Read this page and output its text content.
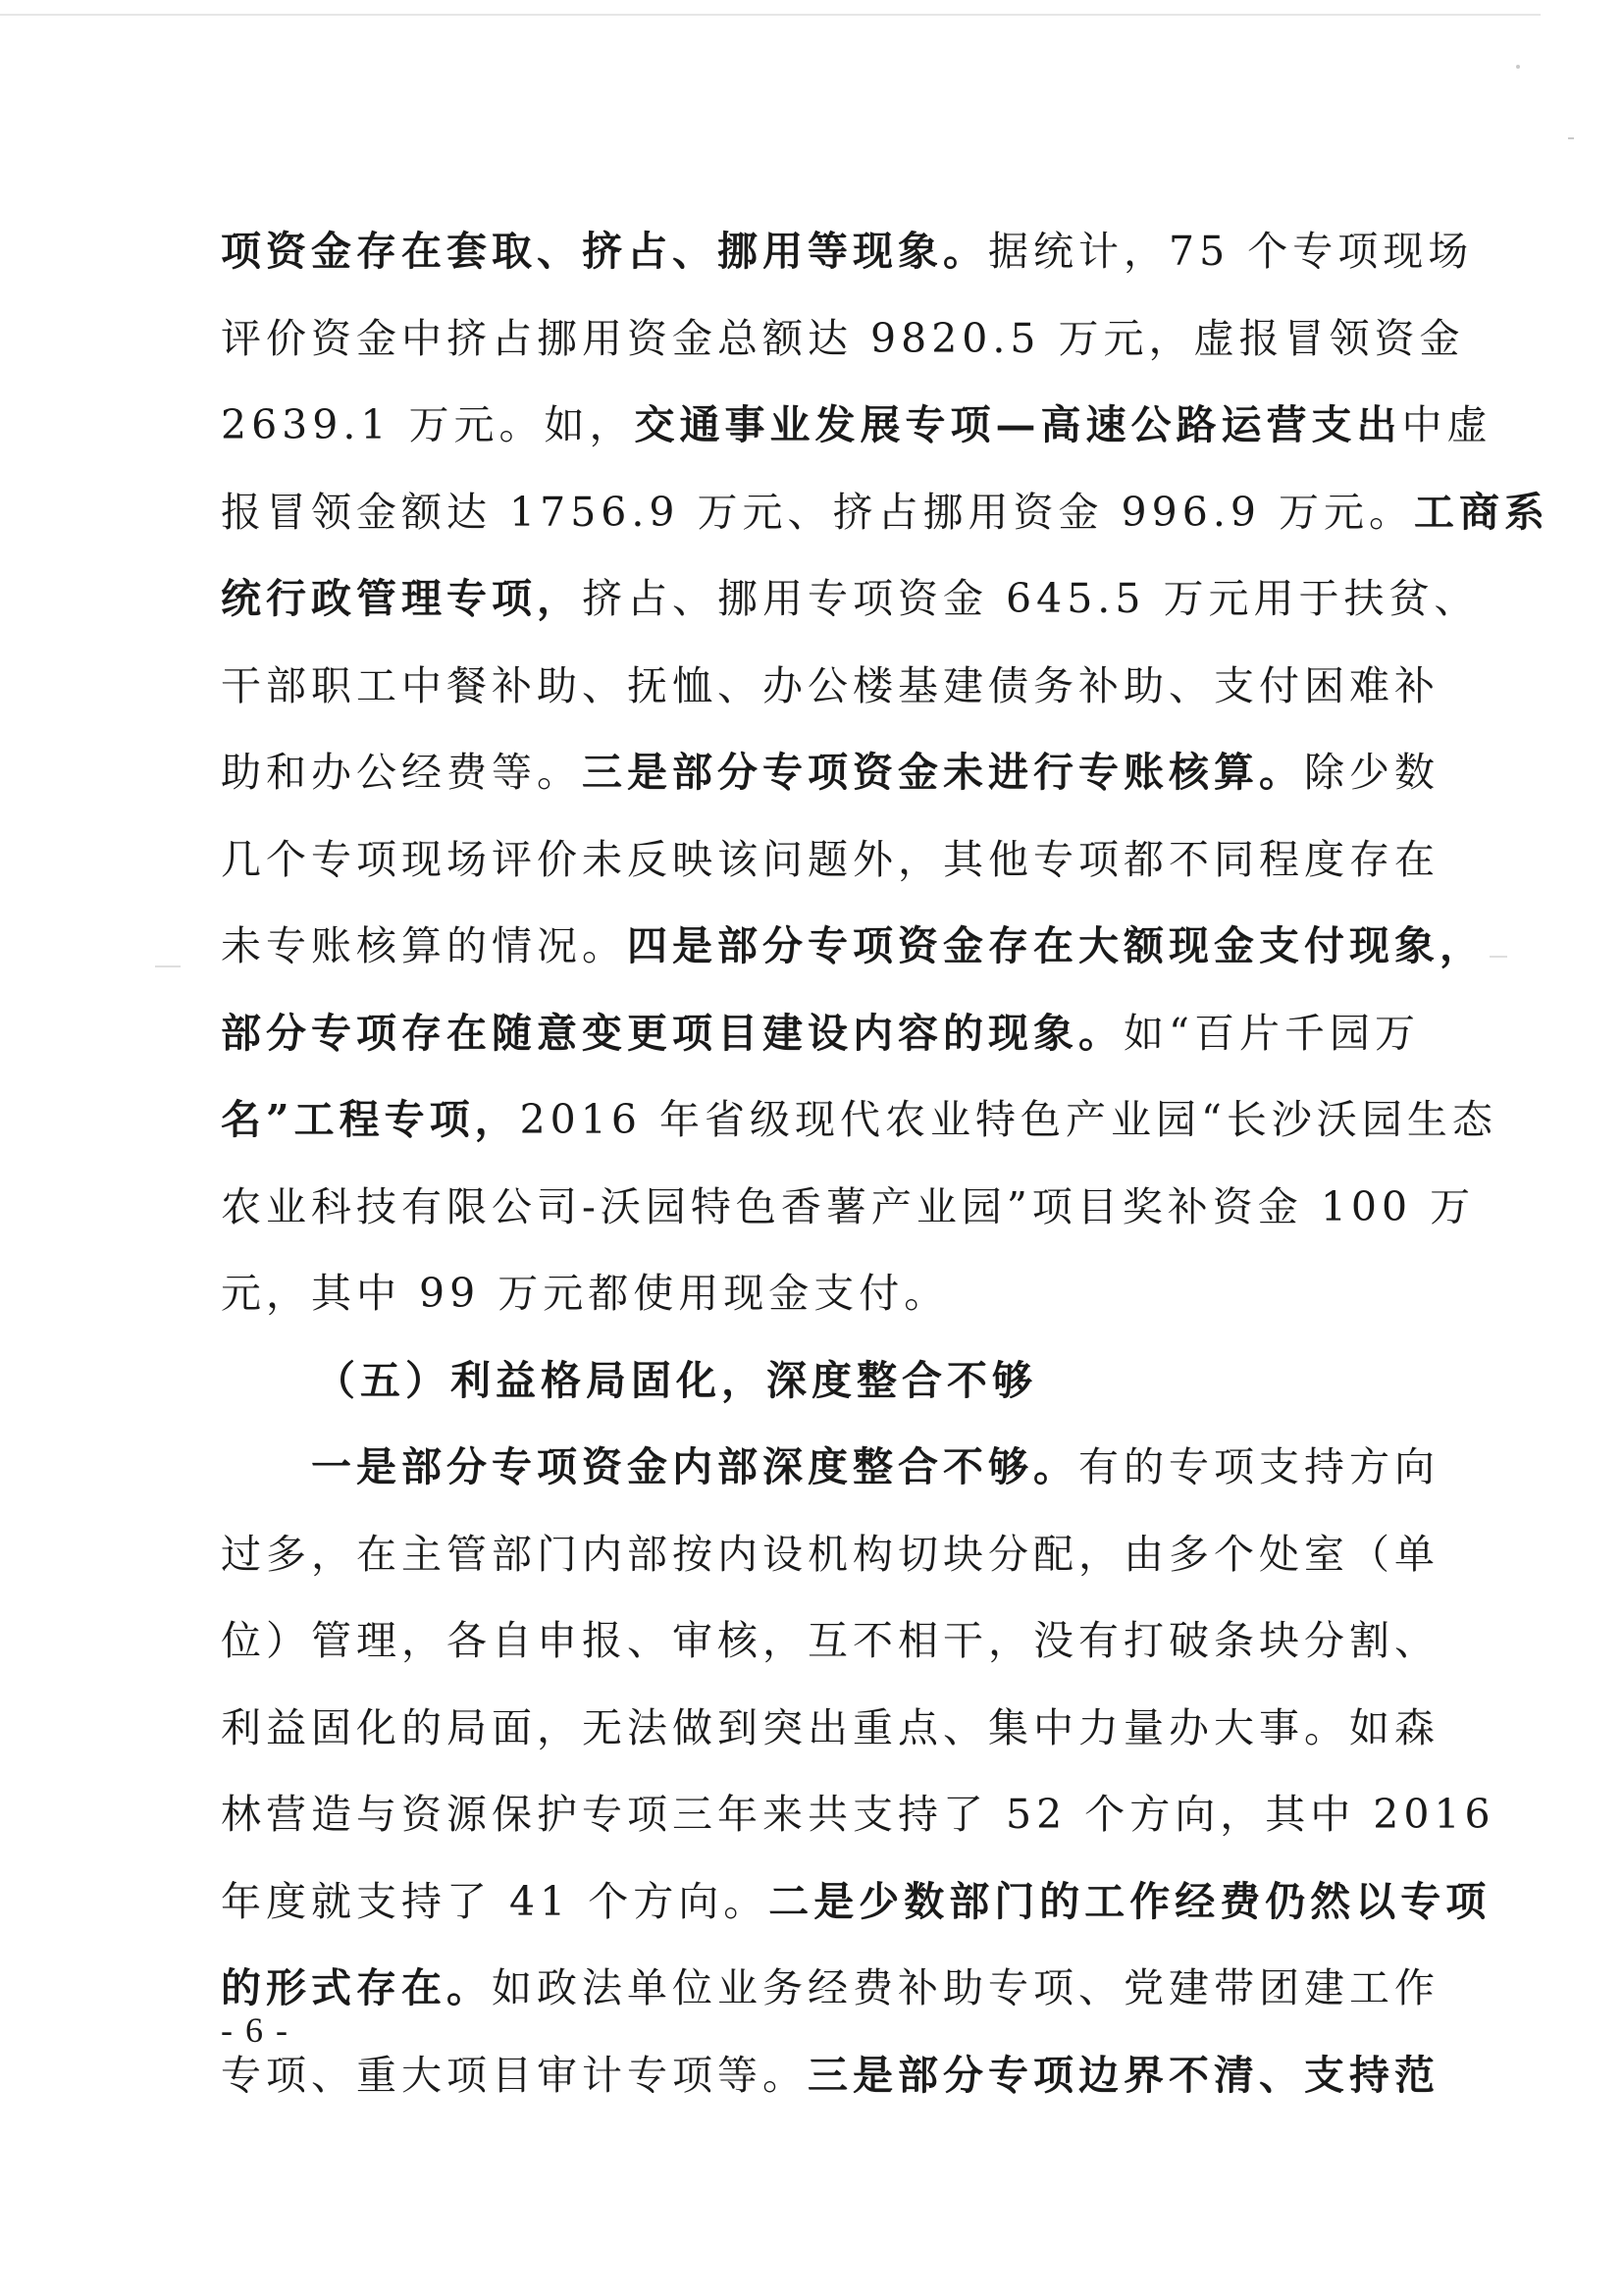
项资金存在套取、挤占、挪用等现象。据统计，75 个专项现场
评价资金中挤占挪用资金总额达 9820.5 万元，虚报冒领资金
2639.1 万元。如，交通事业发展专项—高速公路运营支出中虚
报冒领金额达 1756.9 万元、挤占挪用资金 996.9 万元。工商系
统行政管理专项，挤占、挪用专项资金 645.5 万元用于扶贫、
干部职工中餐补助、抚恤、办公楼基建债务补助、支付困难补
助和办公经费等。三是部分专项资金未进行专账核算。除少数
几个专项现场评价未反映该问题外，其他专项都不同程度存在
未专账核算的情况。四是部分专项资金存在大额现金支付现象，
部分专项存在随意变更项目建设内容的现象。如“百片千园万
名”工程专项，2016 年省级现代农业特色产业园“长沙沃园生态
农业科技有限公司-沃园特色香薯产业园”项目奖补资金 100 万
元，其中 99 万元都使用现金支付。
（五）利益格局固化，深度整合不够
　　一是部分专项资金内部深度整合不够。有的专项支持方向
过多，在主管部门内部按内设机构切块分配，由多个处室（单
位）管理，各自申报、审核，互不相干，没有打破条块分割、
利益固化的局面，无法做到突出重点、集中力量办大事。如森
林营造与资源保护专项三年来共支持了 52 个方向，其中 2016
年度就支持了 41 个方向。二是少数部门的工作经费仍然以专项
的形式存在。如政法单位业务经费补助专项、党建带团建工作
专项、重大项目审计专项等。三是部分专项边界不清、支持范
- 6 -
